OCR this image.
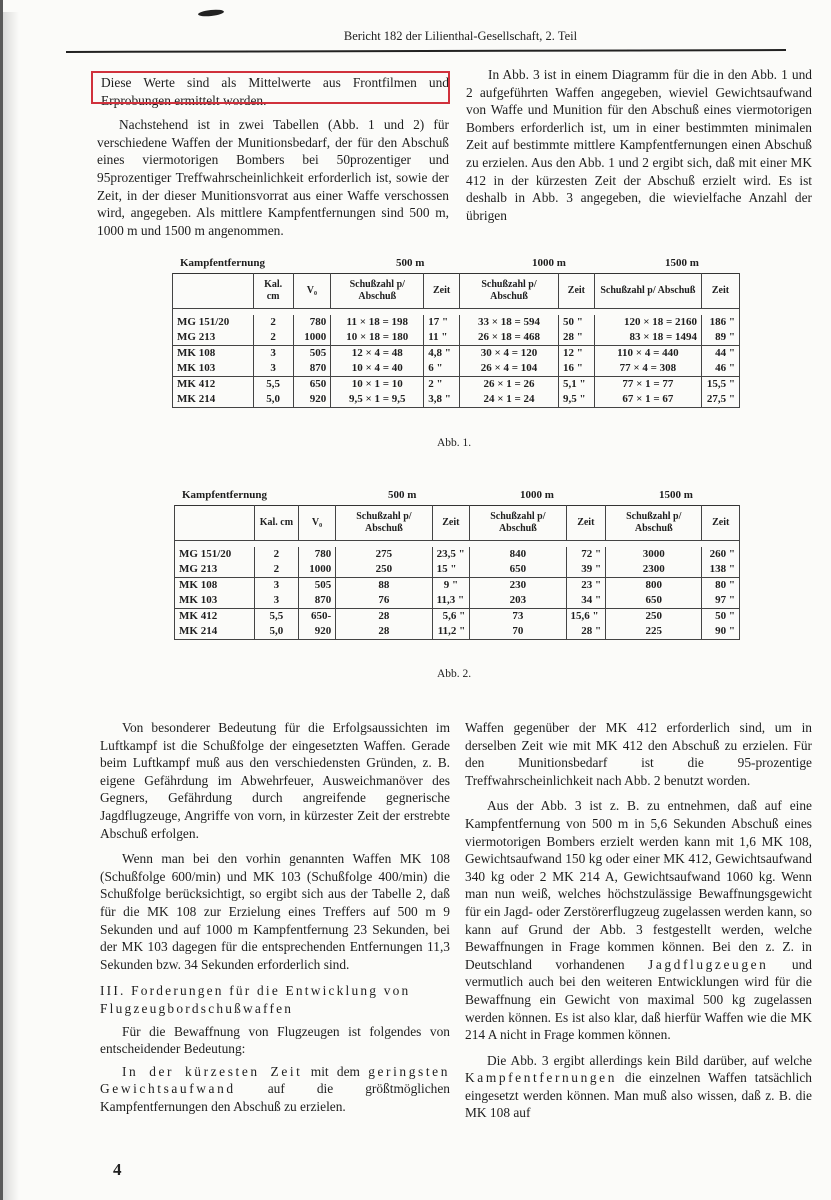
Bericht 182 der Lilienthal-Gesellschaft, 2. Teil

Diese Werte sind als Mittelwerte aus Frontfilmen und Erprobungen ermittelt worden.

Nachstehend ist in zwei Tabellen (Abb. 1 und 2) für verschiedene Waffen der Munitionsbedarf, der für den Abschuß eines viermotorigen Bombers bei 50prozentiger und 95prozentiger Treffwahrscheinlichkeit erforderlich ist, sowie der Zeit, in der dieser Munitionsvorrat aus einer Waffe verschossen wird, angegeben. Als mittlere Kampfentfernungen sind 500 m, 1000 m und 1500 m angenommen.

In Abb. 3 ist in einem Diagramm für die in den Abb. 1 und 2 aufgeführten Waffen angegeben, wieviel Gewichtsaufwand von Waffe und Munition für den Abschuß eines viermotorigen Bombers erforderlich ist, um in einer bestimmten minimalen Zeit auf bestimmte mittlere Kampfentfernungen einen Abschuß zu erzielen. Aus den Abb. 1 und 2 ergibt sich, daß mit einer MK 412 in der kürzesten Zeit der Abschuß erzielt wird. Es ist deshalb in Abb. 3 angegeben, die wievielfache Anzahl der übrigen

Kampfentfernung	500 m	1000 m	1500 m
	Kal. cm	V₀	Schußzahl p/ Abschuß	Zeit	Schußzahl p/ Abschuß	Zeit	Schußzahl p/ Abschuß	Zeit

MG 151/20	2	780	11 × 18 = 198	17 "	33 × 18 = 594	50 "	120 × 18 = 2160	186 "
MG 213	2	1000	10 × 18 = 180	11 "	26 × 18 = 468	28 "	83 × 18 = 1494	89 "
MK 108	3	505	12 × 4 = 48	4,8 "	30 × 4 = 120	12 "	110 × 4 = 440	44 "
MK 103	3	870	10 × 4 = 40	6 "	26 × 4 = 104	16 "	77 × 4 = 308	46 "
MK 412	5,5	650	10 × 1 = 10	2 "	26 × 1 = 26	5,1 "	77 × 1 = 77	15,5 "
MK 214	5,0	920	9,5 × 1 = 9,5	3,8 "	24 × 1 = 24	9,5 "	67 × 1 = 67	27,5 "
Abb. 1.
Kampfentfernung	500 m	1000 m	1500 m
	Kal. cm	V₀	Schußzahl p/ Abschuß	Zeit	Schußzahl p/ Abschuß	Zeit	Schußzahl p/ Abschuß	Zeit

MG 151/20	2	780	275	23,5 "	840	72 "	3000	260 "
MG 213	2	1000	250	15 "	650	39 "	2300	138 "
MK 108	3	505	88	9 "	230	23 "	800	80 "
MK 103	3	870	76	11,3 "	203	34 "	650	97 "
MK 412	5,5	650-	28	5,6 "	73	15,6 "	250	50 "
MK 214	5,0	920	28	11,2 "	70	28 "	225	90 "
Abb. 2.

Von besonderer Bedeutung für die Erfolgsaussichten im Luftkampf ist die Schußfolge der eingesetzten Waffen. Gerade beim Luftkampf muß aus den verschiedensten Gründen, z. B. eigene Gefährdung im Abwehrfeuer, Ausweichmanöver des Gegners, Gefährdung durch angreifende gegnerische Jagdflugzeuge, Angriffe von vorn, in kürzester Zeit der erstrebte Abschuß erfolgen.

Wenn man bei den vorhin genannten Waffen MK 108 (Schußfolge 600/min) und MK 103 (Schußfolge 400/min) die Schußfolge berücksichtigt, so ergibt sich aus der Tabelle 2, daß für die MK 108 zur Erzielung eines Treffers auf 500 m 9 Sekunden und auf 1000 m Kampfentfernung 23 Sekunden, bei der MK 103 dagegen für die entsprechenden Entfernungen 11,3 Sekunden bzw. 34 Sekunden erforderlich sind.

III. Forderungen für die Entwicklung von Flugzeugbordschußwaffen

Für die Bewaffnung von Flugzeugen ist folgendes von entscheidender Bedeutung:

In der kürzesten Zeit mit dem geringsten Gewichtsaufwand auf die größtmöglichen Kampfentfernungen den Abschuß zu erzielen.

Waffen gegenüber der MK 412 erforderlich sind, um in derselben Zeit wie mit MK 412 den Abschuß zu erzielen. Für den Munitionsbedarf ist die 95-prozentige Treffwahrscheinlichkeit nach Abb. 2 benutzt worden.

Aus der Abb. 3 ist z. B. zu entnehmen, daß auf eine Kampfentfernung von 500 m in 5,6 Sekunden Abschuß eines viermotorigen Bombers erzielt werden kann mit 1,6 MK 108, Gewichtsaufwand 150 kg oder einer MK 412, Gewichtsaufwand 340 kg oder 2 MK 214 A, Gewichtsaufwand 1060 kg. Wenn man nun weiß, welches höchstzulässige Bewaffnungsgewicht für ein Jagd- oder Zerstörerflugzeug zugelassen werden kann, so kann auf Grund der Abb. 3 festgestellt werden, welche Bewaffnungen in Frage kommen können. Bei den z. Z. in Deutschland vorhandenen Jagdflugzeugen und vermutlich auch bei den weiteren Entwicklungen wird für die Bewaffnung ein Gewicht von maximal 500 kg zugelassen werden können. Es ist also klar, daß hierfür Waffen wie die MK 214 A nicht in Frage kommen können.

Die Abb. 3 ergibt allerdings kein Bild darüber, auf welche Kampfentfernungen die einzelnen Waffen tatsächlich eingesetzt werden können. Man muß also wissen, daß z. B. die MK 108 auf

4
